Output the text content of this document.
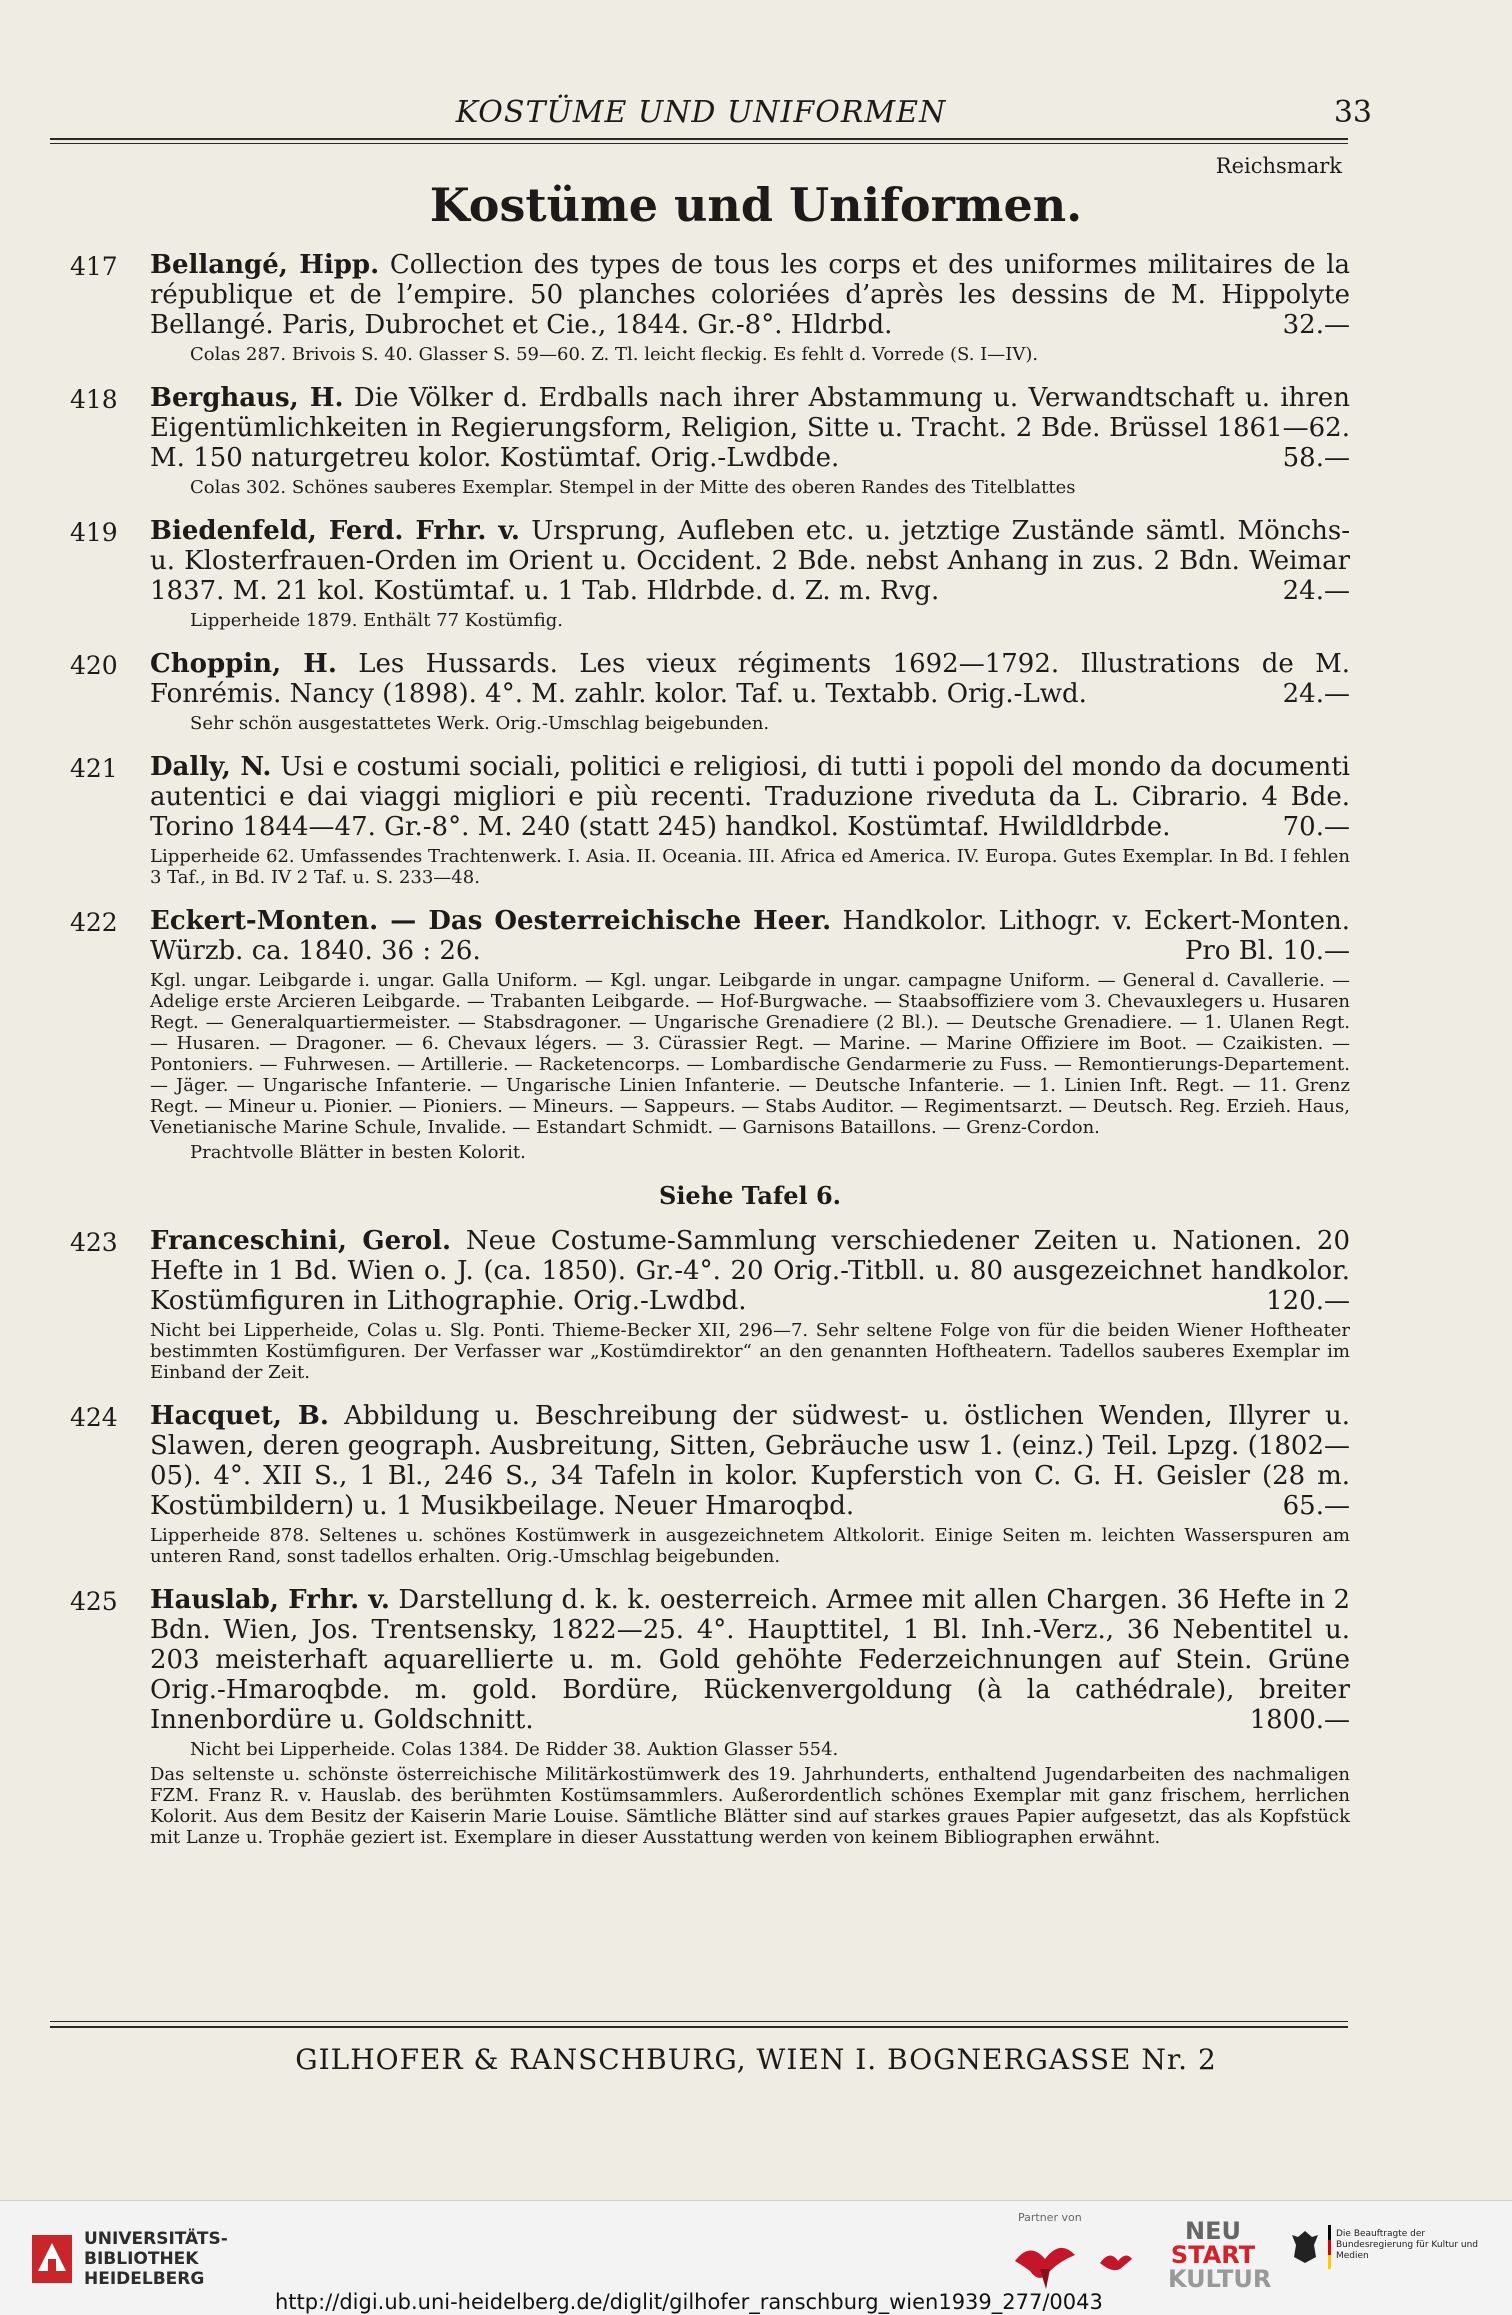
KOSTÜME UND UNIFORMEN	33
Reichsmark
Kostüme und Uniformen.
417 Bellangé, Hipp. Collection des types de tous les corps et des uniformes militaires de la république et de l’empire. 50 planches coloriées d’après les dessins de M. Hippolyte Bellangé. Paris, Dubrochet et Cie., 1844. Gr.-8°. Hldrbd.	32.—
Colas 287. Brivois S. 40. Glasser S. 59—60. Z. Tl. leicht fleckig. Es fehlt d. Vorrede (S. I—IV).
418 Berghaus, H. Die Völker d. Erdballs nach ihrer Abstammung u. Verwandtschaft u. ihren Eigentümlichkeiten in Regierungsform, Religion, Sitte u. Tracht. 2 Bde. Brüssel 1861—62. M. 150 naturgetreu kolor. Kostümtaf. Orig.-Lwdbde.	58.—
Colas 302. Schönes sauberes Exemplar. Stempel in der Mitte des oberen Randes des Titelblattes
419 Biedenfeld, Ferd. Frhr. v. Ursprung, Aufleben etc. u. jetztige Zustände sämtl. Mönchs- u. Klosterfrauen-Orden im Orient u. Occident. 2 Bde. nebst Anhang in zus. 2 Bdn. Weimar 1837. M. 21 kol. Kostümtaf. u. 1 Tab. Hldrbde. d. Z. m. Rvg.	24.—
Lipperheide 1879. Enthält 77 Kostümfig.
420 Choppin, H. Les Hussards. Les vieux régiments 1692—1792. Illustrations de M. Fonrémis. Nancy (1898). 4°. M. zahlr. kolor. Taf. u. Textabb. Orig.-Lwd.	24.—
Sehr schön ausgestattetes Werk. Orig.-Umschlag beigebunden.
421 Dally, N. Usi e costumi sociali, politici e religiosi, di tutti i popoli del mondo da documenti autentici e dai viaggi migliori e più recenti. Traduzione riveduta da L. Cibrario. 4 Bde. Torino 1844—47. Gr.-8°. M. 240 (statt 245) handkol. Kostümtaf. Hwildldrbde.	70.—
Lipperheide 62. Umfassendes Trachtenwerk. I. Asia. II. Oceania. III. Africa ed America. IV. Europa. Gutes Exemplar. In Bd. I fehlen 3 Taf., in Bd. IV 2 Taf. u. S. 233—48.
422 Eckert-Monten. — Das Oesterreichische Heer. Handkolor. Lithogr. v. Eckert-Monten. Würzb. ca. 1840. 36 : 26.	Pro Bl. 10.—
Kgl. ungar. Leibgarde i. ungar. Galla Uniform. — Kgl. ungar. Leibgarde in ungar. campagne Uniform. — General d. Cavallerie. — Adelige erste Arcieren Leibgarde. — Trabanten Leibgarde. — Hof-Burgwache. — Staabsoffiziere vom 3. Chevauxlegers u. Husaren Regt. — Generalquartiermeister. — Stabsdragoner. — Ungarische Grenadiere (2 Bl.). — Deutsche Grenadiere. — 1. Ulanen Regt. — Husaren. — Dragoner. — 6. Chevaux légers. — 3. Cürassier Regt. — Marine. — Marine Offiziere im Boot. — Czaikisten. — Pontoniers. — Fuhrwesen. — Artillerie. — Racketencorps. — Lombardische Gendarmerie zu Fuss. — Remontierungs-Departement. — Jäger. — Ungarische Infanterie. — Ungarische Linien Infanterie. — Deutsche Infanterie. — 1. Linien Inft. Regt. — 11. Grenz Regt. — Mineur u. Pionier. — Pioniers. — Mineurs. — Sappeurs. — Stabs Auditor. — Regimentsarzt. — Deutsch. Reg. Erzieh. Haus, Venetianische Marine Schule, Invalide. — Estandart Schmidt. — Garnisons Bataillons. — Grenz-Cordon.
Prachtvolle Blätter in besten Kolorit.
Siehe Tafel 6.
423 Franceschini, Gerol. Neue Costume-Sammlung verschiedener Zeiten u. Nationen. 20 Hefte in 1 Bd. Wien o. J. (ca. 1850). Gr.-4°. 20 Orig.-Titbll. u. 80 ausgezeichnet handkolor. Kostümfiguren in Lithographie. Orig.-Lwdbd.	120.—
Nicht bei Lipperheide, Colas u. Slg. Ponti. Thieme-Becker XII, 296—7. Sehr seltene Folge von für die beiden Wiener Hoftheater bestimmten Kostümfiguren. Der Verfasser war „Kostümdirektor“ an den genannten Hoftheatern. Tadellos sauberes Exemplar im Einband der Zeit.
424 Hacquet, B. Abbildung u. Beschreibung der südwest- u. östlichen Wenden, Illyrer u. Slawen, deren geograph. Ausbreitung, Sitten, Gebräuche usw 1. (einz.) Teil. Lpzg. (1802—05). 4°. XII S., 1 Bl., 246 S., 34 Tafeln in kolor. Kupferstich von C. G. H. Geisler (28 m. Kostümbildern) u. 1 Musikbeilage. Neuer Hmaroqbd.	65.—
Lipperheide 878. Seltenes u. schönes Kostümwerk in ausgezeichnetem Altkolorit. Einige Seiten m. leichten Wasserspuren am unteren Rand, sonst tadellos erhalten. Orig.-Umschlag beigebunden.
425 Hauslab, Frhr. v. Darstellung d. k. k. oesterreich. Armee mit allen Chargen. 36 Hefte in 2 Bdn. Wien, Jos. Trentsensky, 1822—25. 4°. Haupttitel, 1 Bl. Inh.-Verz., 36 Nebentitel u. 203 meisterhaft aquarellierte u. m. Gold gehöhte Federzeichnungen auf Stein. Grüne Orig.-Hmaroqbde. m. gold. Bordüre, Rückenvergoldung (à la cathédrale), breiter Innenbordüre u. Goldschnitt.	1800.—
Nicht bei Lipperheide. Colas 1384. De Ridder 38. Auktion Glasser 554.
Das seltenste u. schönste österreichische Militärkostümwerk des 19. Jahrhunderts, enthaltend Jugendarbeiten des nachmaligen FZM. Franz R. v. Hauslab. des berühmten Kostümsammlers. Außerordentlich schönes Exemplar mit ganz frischem, herrlichen Kolorit. Aus dem Besitz der Kaiserin Marie Louise. Sämtliche Blätter sind auf starkes graues Papier aufgesetzt, das als Kopfstück mit Lanze u. Trophäe geziert ist. Exemplare in dieser Ausstattung werden von keinem Bibliographen erwähnt.
GILHOFER & RANSCHBURG, WIEN I. BOGNERGASSE Nr. 2
UNIVERSITÄTS-
BIBLIOTHEK
HEIDELBERG
Partner von	NEU
START
KULTUR
Die Beauftragte der Bundesregierung für Kultur und Medien
http://digi.ub.uni-heidelberg.de/diglit/gilhofer_ranschburg_wien1939_277/0043
